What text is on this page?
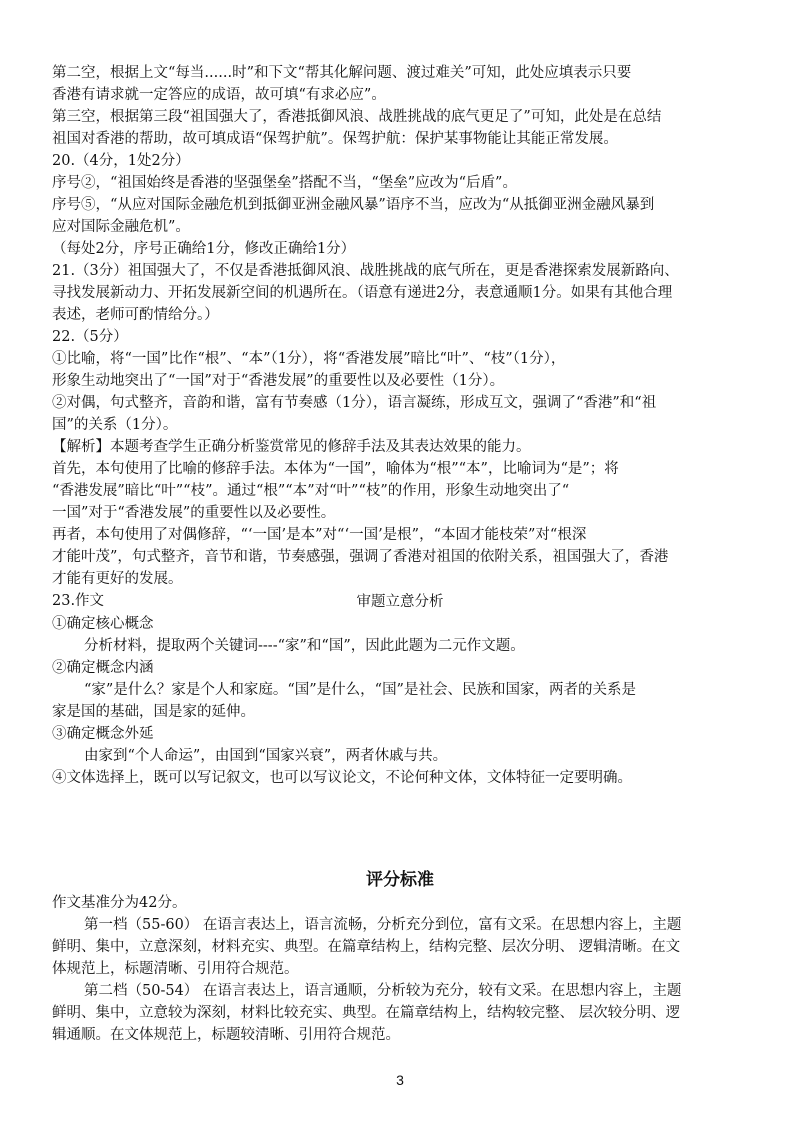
第二空，根据上文“每当......时”和下文“帮其化解问题、渡过难关”可知，此处应填表示只要
香港有请求就一定答应的成语，故可填“有求必应”。
第三空，根据第三段“祖国强大了，香港抵御风浪、战胜挑战的底气更足了”可知，此处是在总结
祖国对香港的帮助，故可填成语“保驾护航”。保驾护航：保护某事物能让其能正常发展。
20.（4分，1处2分）
序号②，“祖国始终是香港的坚强堡垒”搭配不当，“堡垒”应改为“后盾”。
序号⑤，“从应对国际金融危机到抵御亚洲金融风暴”语序不当，应改为“从抵御亚洲金融风暴到
应对国际金融危机”。
（每处2分，序号正确给1分，修改正确给1分）
21.（3分）祖国强大了，不仅是香港抵御风浪、战胜挑战的底气所在，更是香港探索发展新路向、
寻找发展新动力、开拓发展新空间的机遇所在。（语意有递进2分，表意通顺1分。如果有其他合理
表述，老师可酌情给分。）
22.（5分）
①比喻，将“一国”比作“根”、“本”（1分），将“香港发展”暗比“叶”、“枝”（1分），
形象生动地突出了“一国”对于“香港发展”的重要性以及必要性（1分）。
②对偶，句式整齐，音韵和谐，富有节奏感（1分），语言凝练，形成互文，强调了“香港”和“祖
国”的关系（1分）。
【解析】本题考查学生正确分析鉴赏常见的修辞手法及其表达效果的能力。
首先，本句使用了比喻的修辞手法。本体为“一国”，喻体为“根”“本”，比喻词为“是”；将
“香港发展”暗比“叶”“枝”。通过“根”“本”对“叶”“枝”的作用，形象生动地突出了“
一国”对于“香港发展”的重要性以及必要性。
再者，本句使用了对偶修辞，“‘一国’是本”对“‘一国’是根”，“本固才能枝荣”对“根深
才能叶茂”，句式整齐，音节和谐，节奏感强，强调了香港对祖国的依附关系，祖国强大了，香港
才能有更好的发展。
23.作文	审题立意分析
①确定核心概念
分析材料，提取两个关键词----“家”和“国”，因此此题为二元作文题。
②确定概念内涵
“家”是什么？家是个人和家庭。“国”是什么，“国”是社会、民族和国家，两者的关系是
家是国的基础，国是家的延伸。
③确定概念外延
由家到“个人命运”，由国到“国家兴衰”，两者休戚与共。
④文体选择上，既可以写记叙文，也可以写议论文，不论何种文体，文体特征一定要明确。
评分标准
作文基准分为42分。
第一档（55-60） 在语言表达上，语言流畅，分析充分到位，富有文采。在思想内容上，主题
鲜明、集中，立意深刻，材料充实、典型。在篇章结构上，结构完整、层次分明、 逻辑清晰。在文
体规范上，标题清晰、引用符合规范。
第二档（50-54） 在语言表达上，语言通顺，分析较为充分，较有文采。在思想内容上，主题
鲜明、集中，立意较为深刻，材料比较充实、典型。在篇章结构上，结构较完整、 层次较分明、逻
辑通顺。在文体规范上，标题较清晰、引用符合规范。
3
